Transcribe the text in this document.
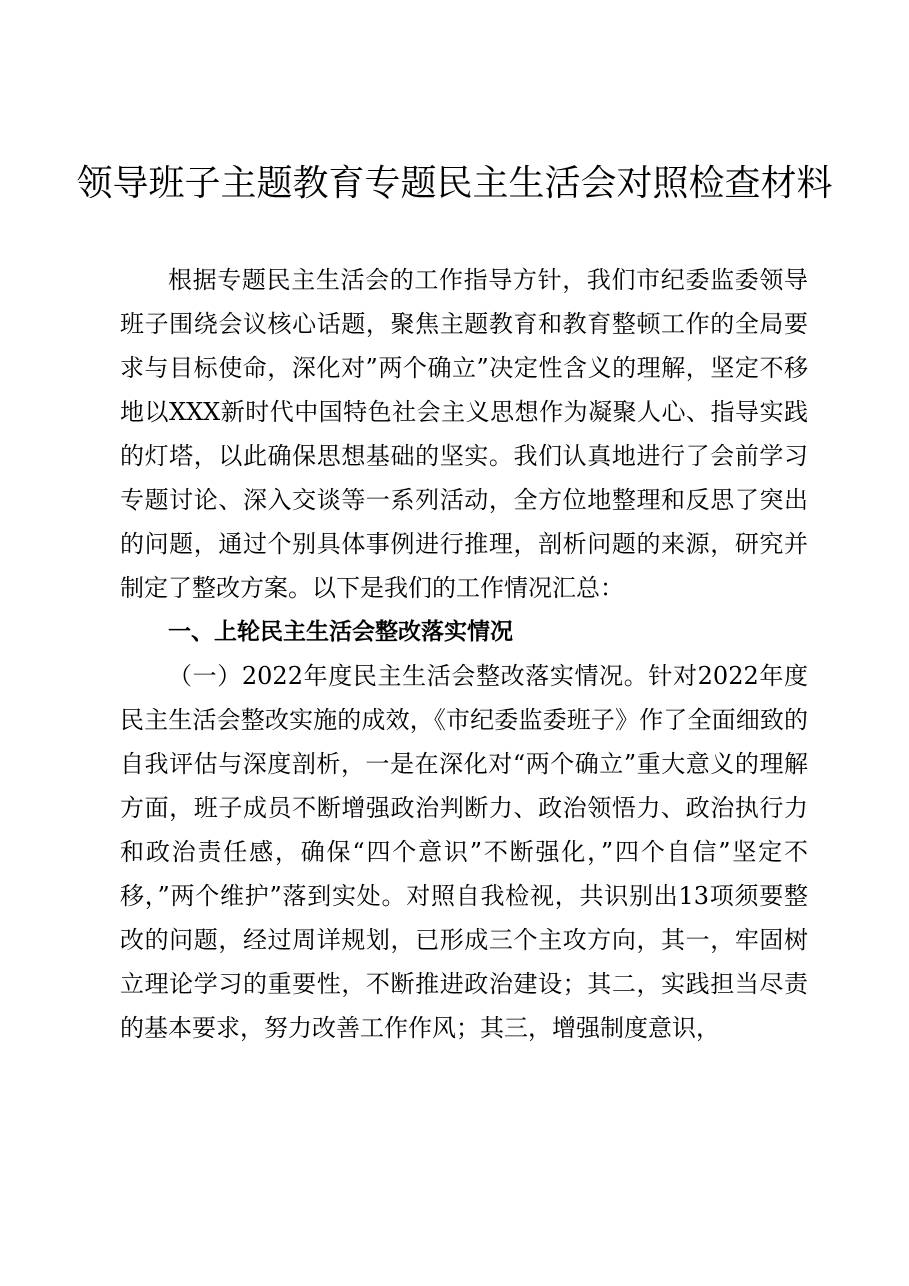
领导班子主题教育专题民主生活会对照检查材料

根据专题民主生活会的工作指导方针，我们市纪委监委领导班子围绕会议核心话题，聚焦主题教育和教育整顿工作的全局要求与目标使命，深化对”两个确立”决定性含义的理解，坚定不移地以XXX新时代中国特色社会主义思想作为凝聚人心、指导实践的灯塔，以此确保思想基础的坚实。我们认真地进行了会前学习专题讨论、深入交谈等一系列活动，全方位地整理和反思了突出的问题，通过个别具体事例进行推理，剖析问题的来源，研究并制定了整改方案。以下是我们的工作情况汇总：

一、上轮民主生活会整改落实情况

（一）2022年度民主生活会整改落实情况。针对2022年度民主生活会整改实施的成效，《市纪委监委班子》作了全面细致的自我评估与深度剖析，一是在深化对“两个确立”重大意义的理解方面，班子成员不断增强政治判断力、政治领悟力、政治执行力和政治责任感，确保“四个意识”不断强化，”四个自信”坚定不移，”两个维护”落到实处。对照自我检视，共识别出13项须要整改的问题，经过周详规划，已形成三个主攻方向，其一，牢固树立理论学习的重要性，不断推进政治建设；其二，实践担当尽责的基本要求，努力改善工作作风；其三，增强制度意识，
